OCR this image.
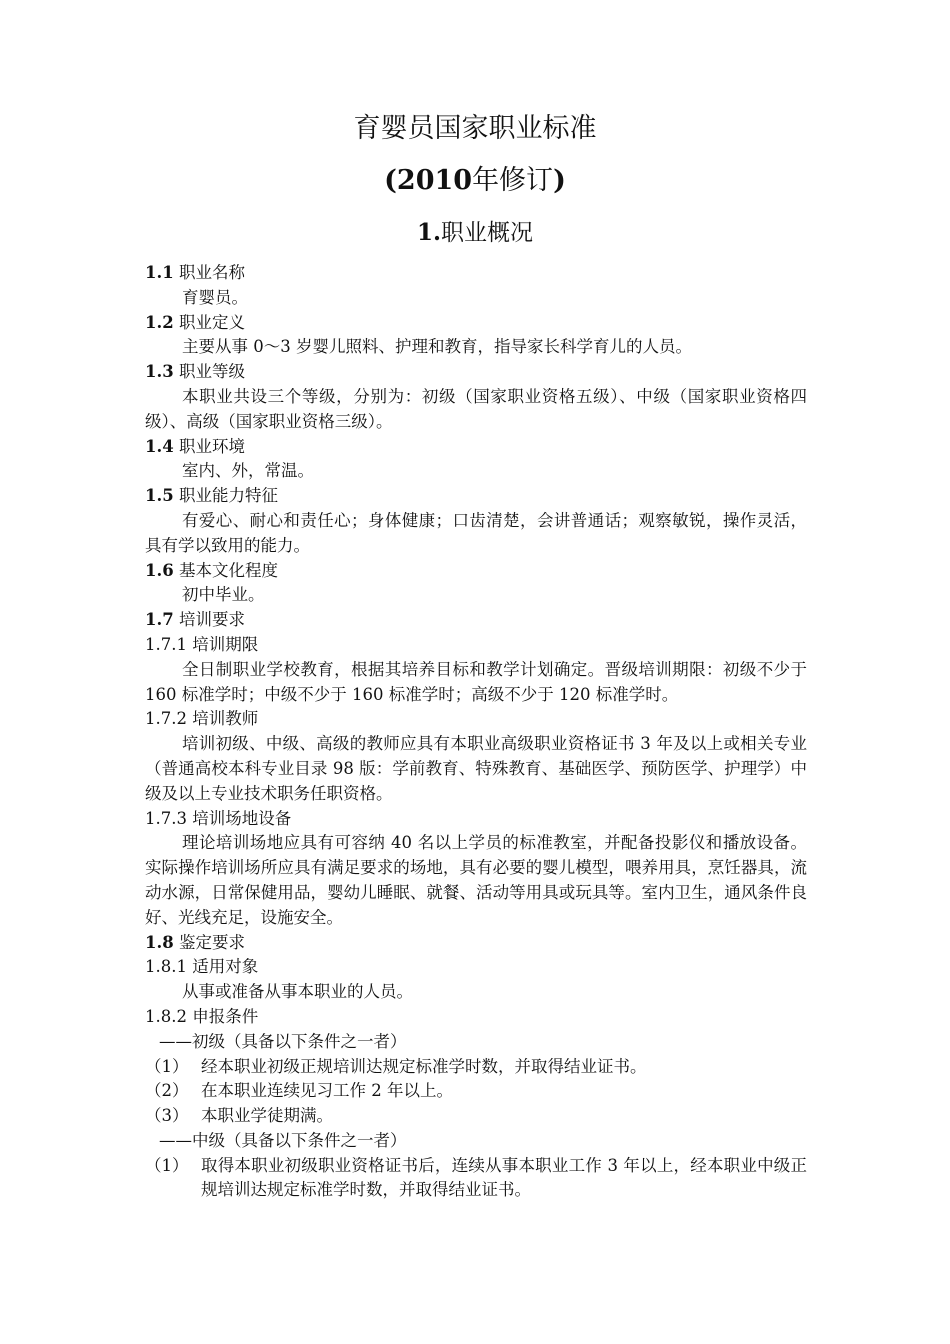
育婴员国家职业标准
(2010年修订)
1.职业概况
1.1 职业名称
育婴员。
1.2 职业定义
主要从事 0～3 岁婴儿照料、护理和教育，指导家长科学育儿的人员。
1.3 职业等级
本职业共设三个等级，分别为：初级（国家职业资格五级）、中级（国家职业资格四级）、高级（国家职业资格三级）。
1.4 职业环境
室内、外，常温。
1.5 职业能力特征
有爱心、耐心和责任心；身体健康；口齿清楚，会讲普通话；观察敏锐，操作灵活，具有学以致用的能力。
1.6 基本文化程度
初中毕业。
1.7 培训要求
1.7.1 培训期限
全日制职业学校教育，根据其培养目标和教学计划确定。晋级培训期限：初级不少于 160 标准学时；中级不少于 160 标准学时；高级不少于 120 标准学时。
1.7.2 培训教师
培训初级、中级、高级的教师应具有本职业高级职业资格证书 3 年及以上或相关专业（普通高校本科专业目录 98 版：学前教育、特殊教育、基础医学、预防医学、护理学）中级及以上专业技术职务任职资格。
1.7.3 培训场地设备
理论培训场地应具有可容纳 40 名以上学员的标准教室，并配备投影仪和播放设备。实际操作培训场所应具有满足要求的场地，具有必要的婴儿模型，喂养用具，烹饪器具，流动水源，日常保健用品，婴幼儿睡眠、就餐、活动等用具或玩具等。室内卫生，通风条件良好、光线充足，设施安全。
1.8 鉴定要求
1.8.1 适用对象
从事或准备从事本职业的人员。
1.8.2 申报条件
——初级（具备以下条件之一者）
（1） 经本职业初级正规培训达规定标准学时数，并取得结业证书。
（2） 在本职业连续见习工作 2 年以上。
（3） 本职业学徒期满。
——中级（具备以下条件之一者）
（1） 取得本职业初级职业资格证书后，连续从事本职业工作 3 年以上，经本职业中级正规培训达规定标准学时数，并取得结业证书。
